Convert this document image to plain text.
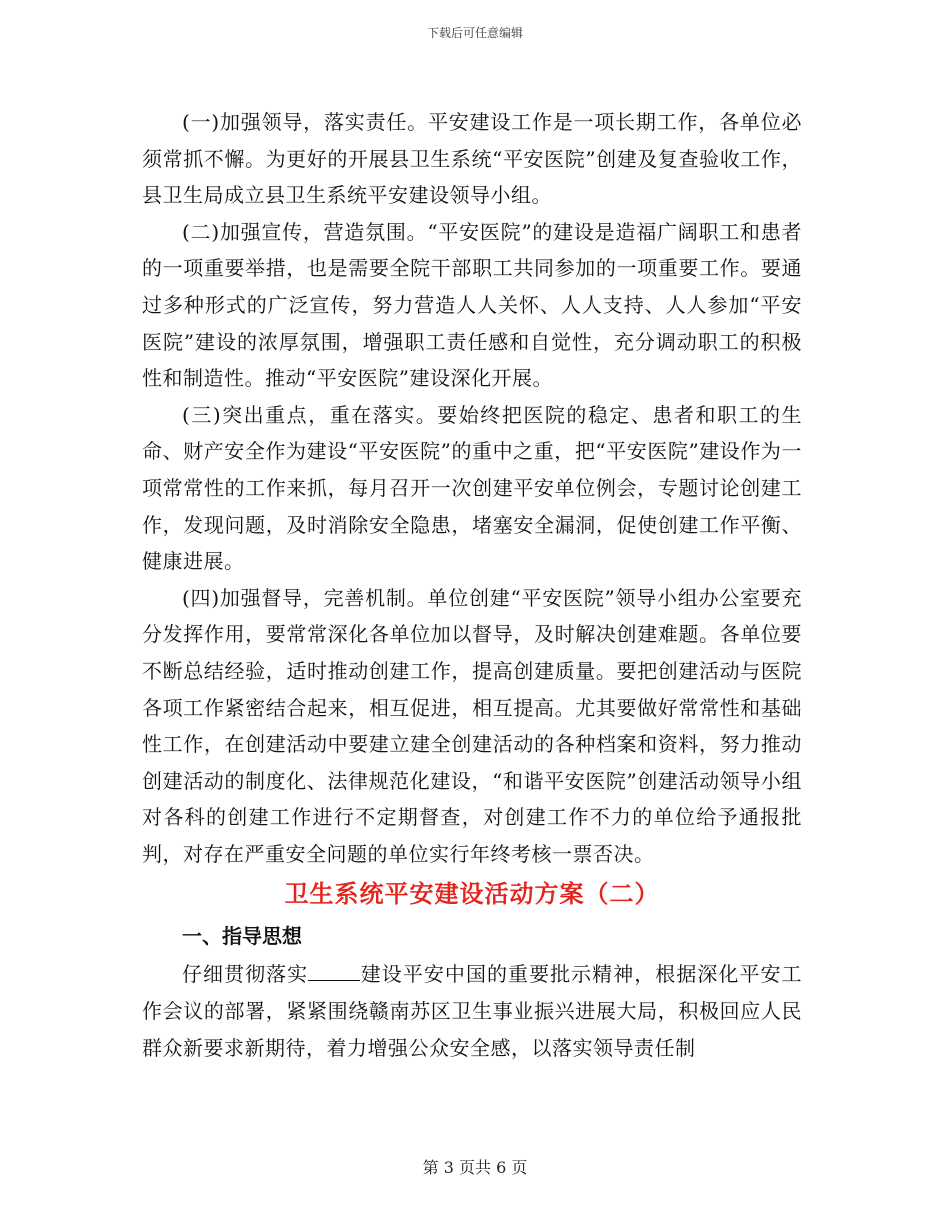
下载后可任意编辑

(一)加强领导，落实责任。平安建设工作是一项长期工作，各单位必须常抓不懈。为更好的开展县卫生系统“平安医院”创建及复查验收工作，县卫生局成立县卫生系统平安建设领导小组。

(二)加强宣传，营造氛围。“平安医院”的建设是造福广阔职工和患者的一项重要举措，也是需要全院干部职工共同参加的一项重要工作。要通过多种形式的广泛宣传，努力营造人人关怀、人人支持、人人参加“平安医院”建设的浓厚氛围，增强职工责任感和自觉性，充分调动职工的积极性和制造性。推动“平安医院”建设深化开展。

(三)突出重点，重在落实。要始终把医院的稳定、患者和职工的生命、财产安全作为建设“平安医院”的重中之重，把“平安医院”建设作为一项常常性的工作来抓，每月召开一次创建平安单位例会，专题讨论创建工作，发现问题，及时消除安全隐患，堵塞安全漏洞，促使创建工作平衡、健康进展。

(四)加强督导，完善机制。单位创建“平安医院”领导小组办公室要充分发挥作用，要常常深化各单位加以督导，及时解决创建难题。各单位要不断总结经验，适时推动创建工作，提高创建质量。要把创建活动与医院各项工作紧密结合起来，相互促进，相互提高。尤其要做好常常性和基础性工作，在创建活动中要建立建全创建活动的各种档案和资料，努力推动创建活动的制度化、法律规范化建设，“和谐平安医院”创建活动领导小组对各科的创建工作进行不定期督查，对创建工作不力的单位给予通报批判，对存在严重安全问题的单位实行年终考核一票否决。

卫生系统平安建设活动方案（二）
一、指导思想

仔细贯彻落实	建设平安中国的重要批示精神，根据深化平安工作会议的部署，紧紧围绕赣南苏区卫生事业振兴进展大局，积极回应人民群众新要求新期待，着力增强公众安全感，以落实领导责任制

第 3 页共 6 页
